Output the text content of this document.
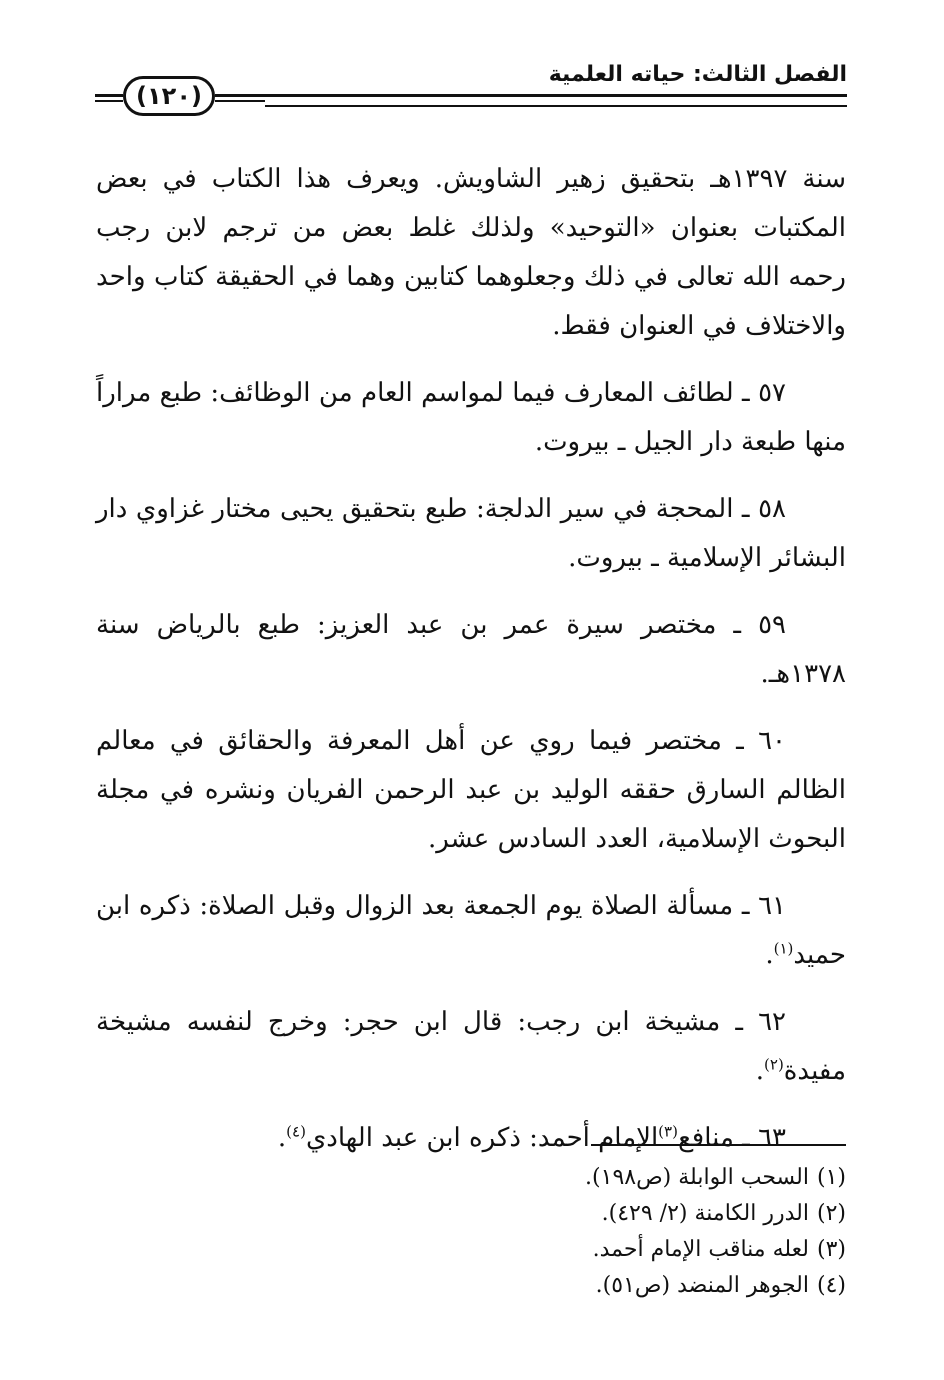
الفصل الثالث: حياته العلمية
(١٢٠)

سنة ١٣٩٧هـ بتحقيق زهير الشاويش. ويعرف هذا الكتاب في بعض المكتبات بعنوان «التوحيد» ولذلك غلط بعض من ترجم لابن رجب رحمه الله تعالى في ذلك وجعلوهما كتابين وهما في الحقيقة كتاب واحد والاختلاف في العنوان فقط.

٥٧ ـ لطائف المعارف فيما لمواسم العام من الوظائف: طبع مراراً منها طبعة دار الجيل ـ بيروت.

٥٨ ـ المحجة في سير الدلجة: طبع بتحقيق يحيى مختار غزاوي دار البشائر الإسلامية ـ بيروت.

٥٩ ـ مختصر سيرة عمر بن عبد العزيز: طبع بالرياض سنة ١٣٧٨هـ.

٦٠ ـ مختصر فيما روي عن أهل المعرفة والحقائق في معالم الظالم السارق حققه الوليد بن عبد الرحمن الفريان ونشره في مجلة البحوث الإسلامية، العدد السادس عشر.

٦١ ـ مسألة الصلاة يوم الجمعة بعد الزوال وقبل الصلاة: ذكره ابن حميد$^{(١)}$.

٦٢ ـ مشيخة ابن رجب: قال ابن حجر: وخرج لنفسه مشيخة مفيدة$^{(٢)}$.

٦٣ ـ منافع$^{(٣)}$الإمام أحمد: ذكره ابن عبد الهادي$^{(٤)}$.

(١)السحب الوابلة (ص١٩٨).
(٢)الدرر الكامنة (٢/ ٤٢٩).
(٣)لعله مناقب الإمام أحمد.
(٤)الجوهر المنضد (ص٥١).
